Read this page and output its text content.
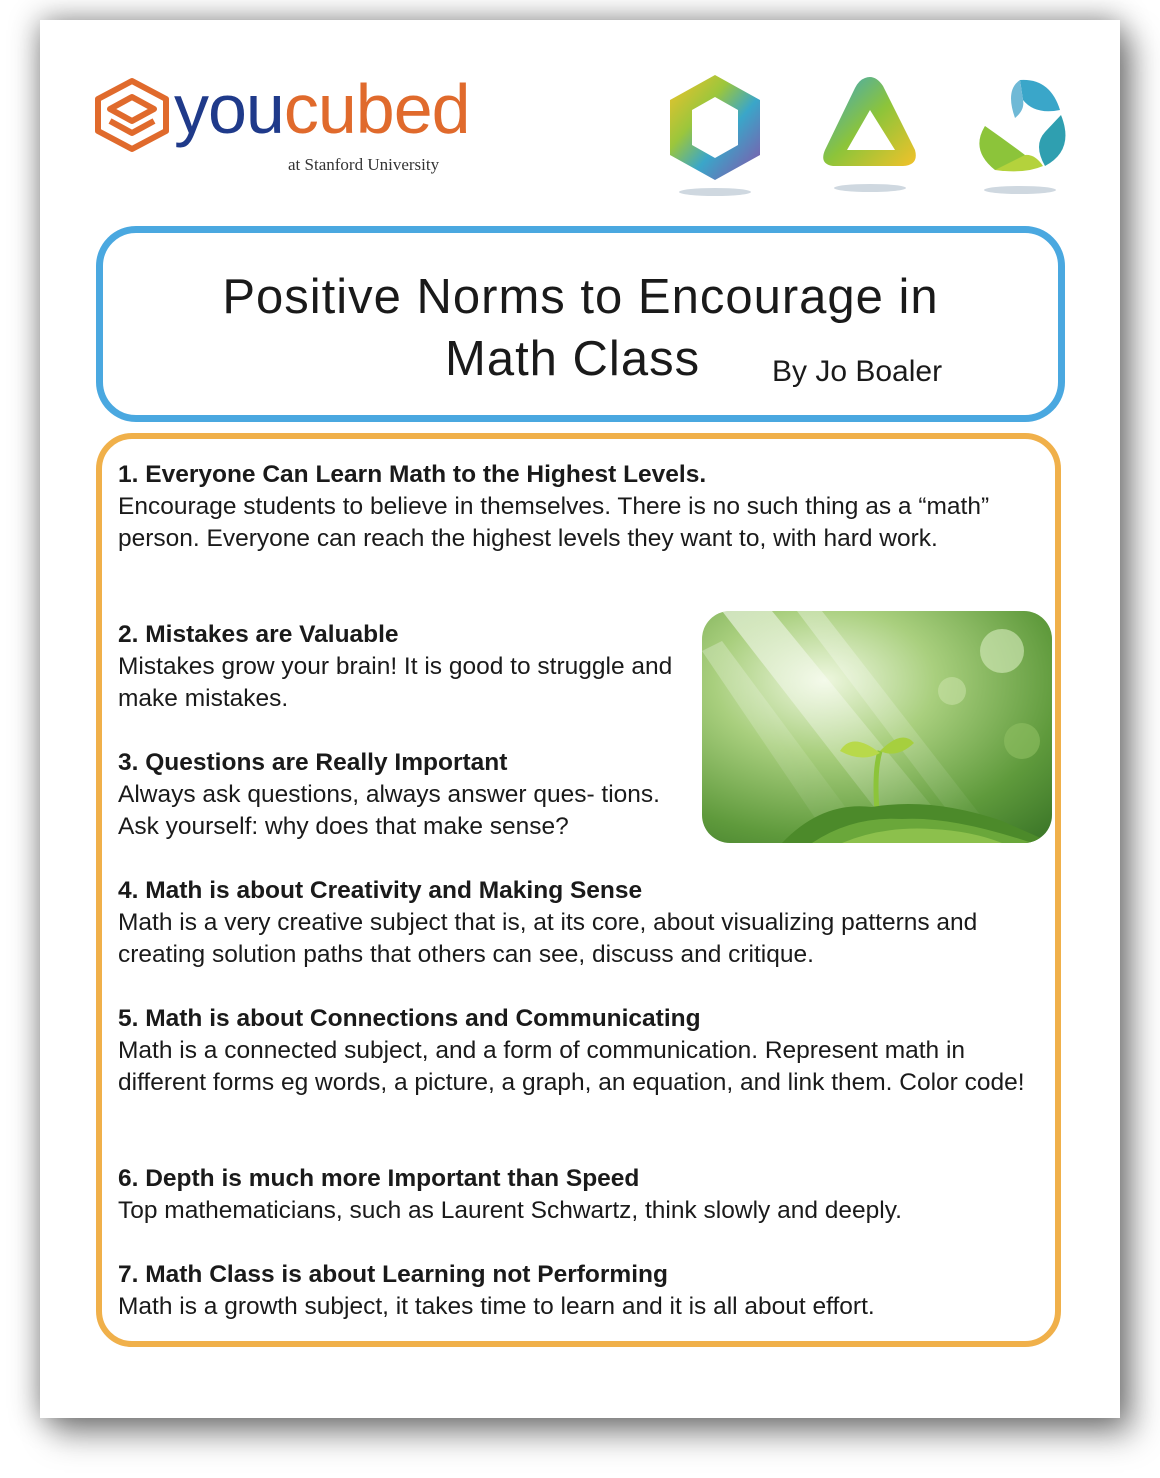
youcubed
at Stanford University
Positive Norms to Encourage in
Math Class By Jo Boaler
1. Everyone Can Learn Math to the Highest Levels.
Encourage students to believe in themselves. There is no such thing as a “math” person. Everyone can reach the highest levels they want to, with hard work.
2. Mistakes are Valuable
Mistakes grow your brain! It is good to struggle and make mistakes.
3. Questions are Really Important
Always ask questions, always answer ques- tions. Ask yourself: why does that make sense?
4. Math is about Creativity and Making Sense
Math is a very creative subject that is, at its core, about visualizing patterns and creating solution paths that others can see, discuss and critique.
5. Math is about Connections and Communicating
Math is a connected subject, and a form of communication. Represent math in different forms eg words, a picture, a graph, an equation, and link them. Color code!
6. Depth is much more Important than Speed
Top mathematicians, such as Laurent Schwartz, think slowly and deeply.
7. Math Class is about Learning not Performing
Math is a growth subject, it takes time to learn and it is all about effort.
